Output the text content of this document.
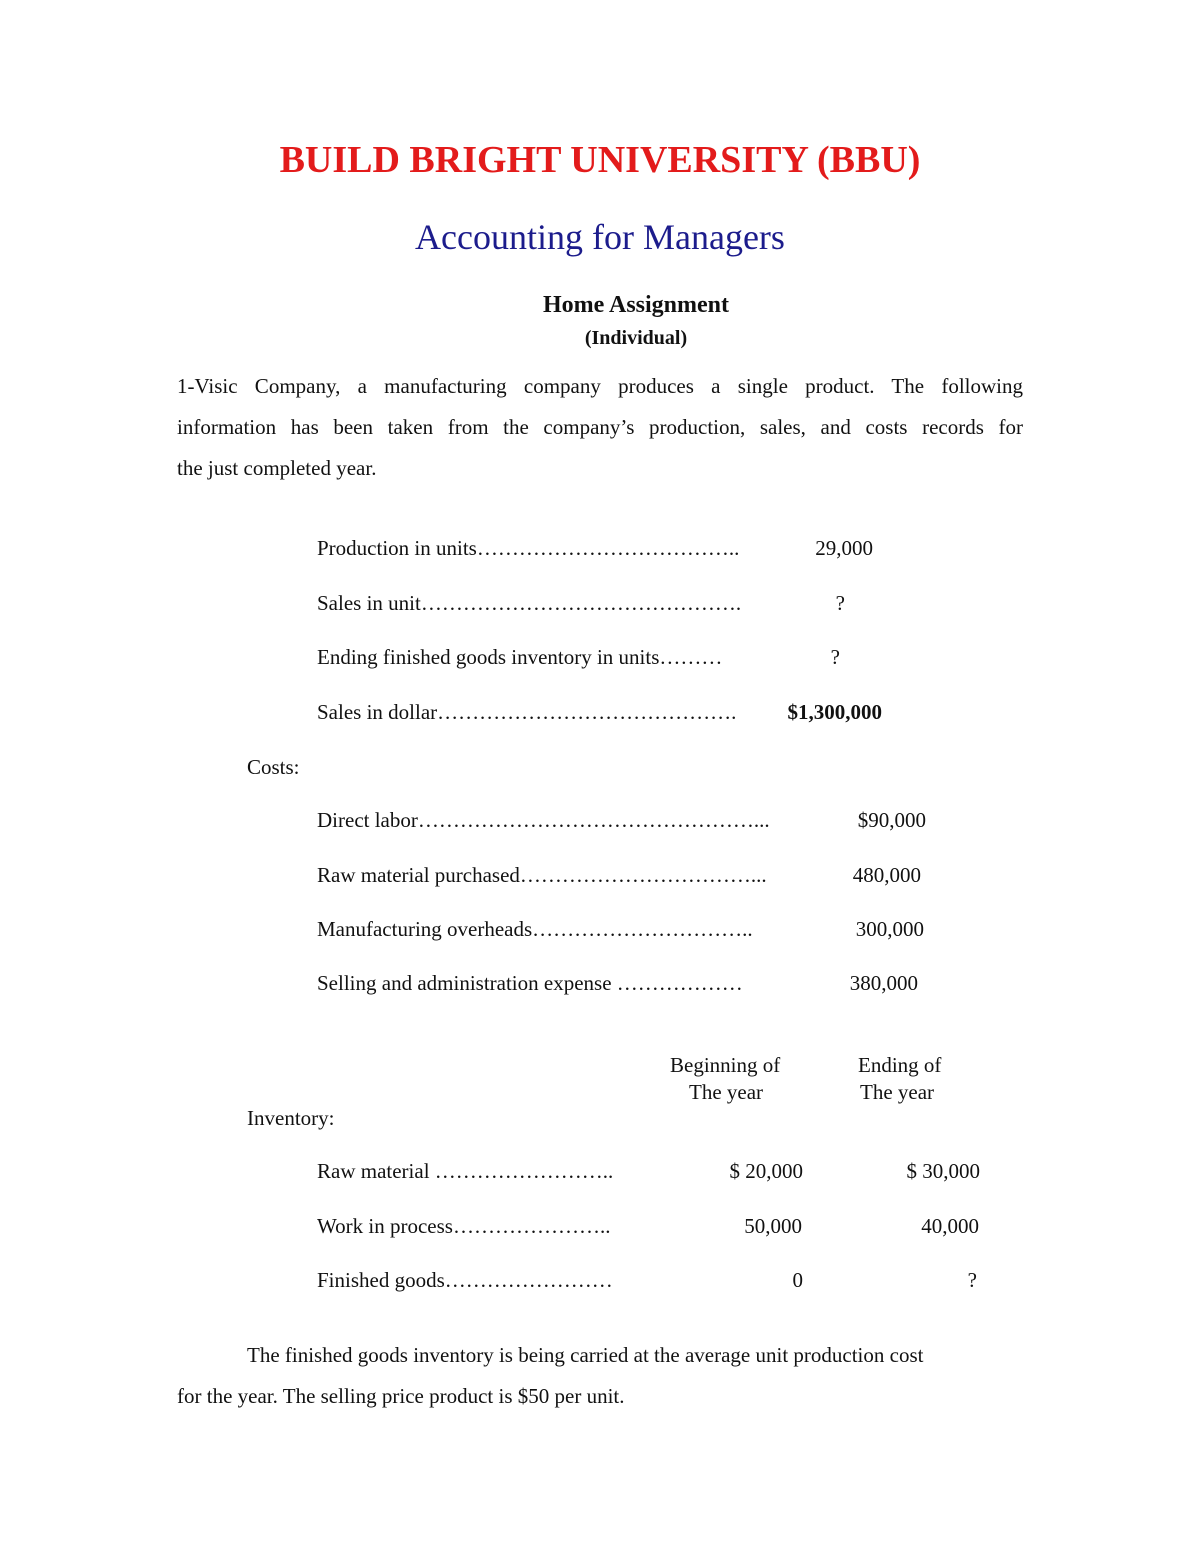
BUILD BRIGHT UNIVERSITY (BBU)
Accounting for Managers
Home Assignment
(Individual)
1-Visic Company, a manufacturing company produces a single product. The following
information has been taken from the company’s production, sales, and costs records for
the just completed year.
Production in units………………………………..	29,000
Sales in unit……………………………………….	?
Ending finished goods inventory in units………	?
Sales in dollar…………………………………….	$1,300,000
Costs:
Direct labor…………………………………………...	$90,000
Raw material purchased……………………………...	480,000
Manufacturing overheads…………………………..	300,000
Selling and administration expense ………………	380,000
Beginning of
The year
Ending of
The year
Inventory:
Raw material ……………………..	$ 20,000	$ 30,000
Work in process…………………..	50,000	40,000
Finished goods……………………	0	?
The finished goods inventory is being carried at the average unit production cost
for the year. The selling price product is $50 per unit.
